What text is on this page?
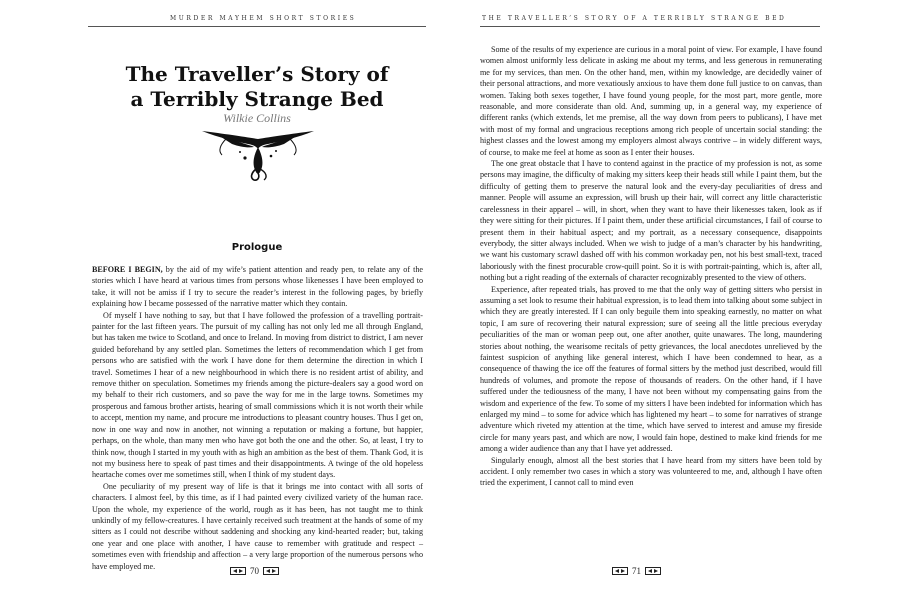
MURDER MAYHEM SHORT STORIES
The Traveller’s Story of
a Terribly Strange Bed
Wilkie Collins
Prologue

BEFORE I BEGIN, by the aid of my wife’s patient attention and ready pen, to relate any of the stories which I have heard at various times from persons whose likenesses I have been employed to take, it will not be amiss if I try to secure the reader’s interest in the following pages, by briefly explaining how I became possessed of the narrative matter which they contain.

Of myself I have nothing to say, but that I have followed the profession of a travelling portrait-painter for the last fifteen years. The pursuit of my calling has not only led me all through England, but has taken me twice to Scotland, and once to Ireland. In moving from district to district, I am never guided beforehand by any settled plan. Sometimes the letters of recommendation which I get from persons who are satisfied with the work I have done for them determine the direction in which I travel. Sometimes I hear of a new neighbourhood in which there is no resident artist of ability, and remove thither on speculation. Sometimes my friends among the picture-dealers say a good word on my behalf to their rich customers, and so pave the way for me in the large towns. Sometimes my prosperous and famous brother artists, hearing of small commissions which it is not worth their while to accept, mention my name, and procure me introductions to pleasant country houses. Thus I get on, now in one way and now in another, not winning a reputation or making a fortune, but happier, perhaps, on the whole, than many men who have got both the one and the other. So, at least, I try to think now, though I started in my youth with as high an ambition as the best of them. Thank God, it is not my business here to speak of past times and their disappointments. A twinge of the old hopeless heartache comes over me sometimes still, when I think of my student days.

One peculiarity of my present way of life is that it brings me into contact with all sorts of characters. I almost feel, by this time, as if I had painted every civilized variety of the human race. Upon the whole, my experience of the world, rough as it has been, has not taught me to think unkindly of my fellow-creatures. I have certainly received such treatment at the hands of some of my sitters as I could not describe without saddening and shocking any kind-hearted reader; but, taking one year and one place with another, I have cause to remember with gratitude and respect – sometimes even with friendship and affection – a very large proportion of the numerous persons who have employed me.	70
THE TRAVELLER’S STORY OF A TERRIBLY STRANGE BED

Some of the results of my experience are curious in a moral point of view. For example, I have found women almost uniformly less delicate in asking me about my terms, and less generous in remunerating me for my services, than men. On the other hand, men, within my knowledge, are decidedly vainer of their personal attractions, and more vexatiously anxious to have them done full justice to on canvas, than women. Taking both sexes together, I have found young people, for the most part, more gentle, more reasonable, and more considerate than old. And, summing up, in a general way, my experience of different ranks (which extends, let me premise, all the way down from peers to publicans), I have met with most of my formal and ungracious receptions among rich people of uncertain social standing: the highest classes and the lowest among my employers almost always contrive – in widely different ways, of course, to make me feel at home as soon as I enter their houses.

The one great obstacle that I have to contend against in the practice of my profession is not, as some persons may imagine, the difficulty of making my sitters keep their heads still while I paint them, but the difficulty of getting them to preserve the natural look and the every-day peculiarities of dress and manner. People will assume an expression, will brush up their hair, will correct any little characteristic carelessness in their apparel – will, in short, when they want to have their likenesses taken, look as if they were sitting for their pictures. If I paint them, under these artificial circumstances, I fail of course to present them in their habitual aspect; and my portrait, as a necessary consequence, disappoints everybody, the sitter always included. When we wish to judge of a man’s character by his handwriting, we want his customary scrawl dashed off with his common workaday pen, not his best small-text, traced laboriously with the finest procurable crow-quill point. So it is with portrait-painting, which is, after all, nothing but a right reading of the externals of character recognizably presented to the view of others.

Experience, after repeated trials, has proved to me that the only way of getting sitters who persist in assuming a set look to resume their habitual expression, is to lead them into talking about some subject in which they are greatly interested. If I can only beguile them into speaking earnestly, no matter on what topic, I am sure of recovering their natural expression; sure of seeing all the little precious everyday peculiarities of the man or woman peep out, one after another, quite unawares. The long, maundering stories about nothing, the wearisome recitals of petty grievances, the local anecdotes unrelieved by the faintest suspicion of anything like general interest, which I have been condemned to hear, as a consequence of thawing the ice off the features of formal sitters by the method just described, would fill hundreds of volumes, and promote the repose of thousands of readers. On the other hand, if I have suffered under the tediousness of the many, I have not been without my compensating gains from the wisdom and experience of the few. To some of my sitters I have been indebted for information which has enlarged my mind – to some for advice which has lightened my heart – to some for narratives of strange adventure which riveted my attention at the time, which have served to interest and amuse my fireside circle for many years past, and which are now, I would fain hope, destined to make kind friends for me among a wider audience than any that I have yet addressed.

Singularly enough, almost all the best stories that I have heard from my sitters have been told by accident. I only remember two cases in which a story was volunteered to me, and, although I have often tried the experiment, I cannot call to mind even

71
